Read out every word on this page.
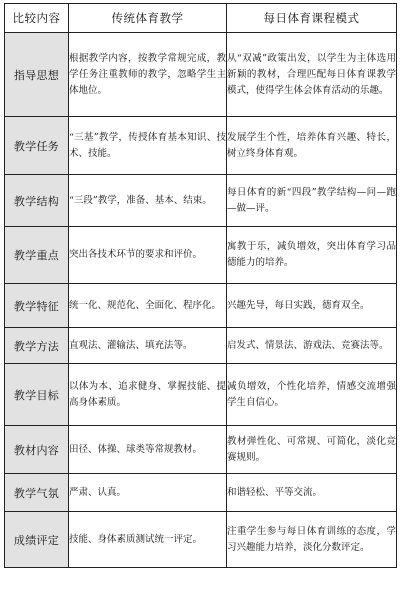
比较内容	传统体育教学	每日体育课程模式
指导思想	根据教学内容，按教学常规完成，教学任务注重教师的教学，忽略学生主体地位。	从“双减”政策出发，以学生为主体选用新颖的教材，合理匹配每日体育课教学模式，使得学生体会体育活动的乐趣。
教学任务	“三基”教学，传授体育基本知识、技术、技能。	发展学生个性，培养体育兴趣、特长，树立终身体育观。
教学结构	“三段”教学，准备、基本、结束。	每日体育的新“四段”教学结构—问—跑—做—评。
教学重点	突出各技术环节的要求和评价。	寓教于乐，减负增效，突出体育学习品德能力的培养。
教学特征	统一化、规范化、全面化、程序化。	兴趣先导，每日实践，德育双全。
教学方法	直观法、灌输法、填充法等。	启发式、情景法、游戏法、竞赛法等。
教学目标	以体为本、追求健身、掌握技能、提高身体素质。	减负增效，个性化培养，情感交流增强学生自信心。
教材内容	田径、体操、球类等常规教材。	教材弹性化、可常规、可简化，淡化竞赛规则。
教学气氛	严肃、认真。	和谐轻松、平等交流。
成绩评定	技能、身体素质测试统一评定。	注重学生参与每日体育训练的态度，学习兴趣能力培养，淡化分数评定。
